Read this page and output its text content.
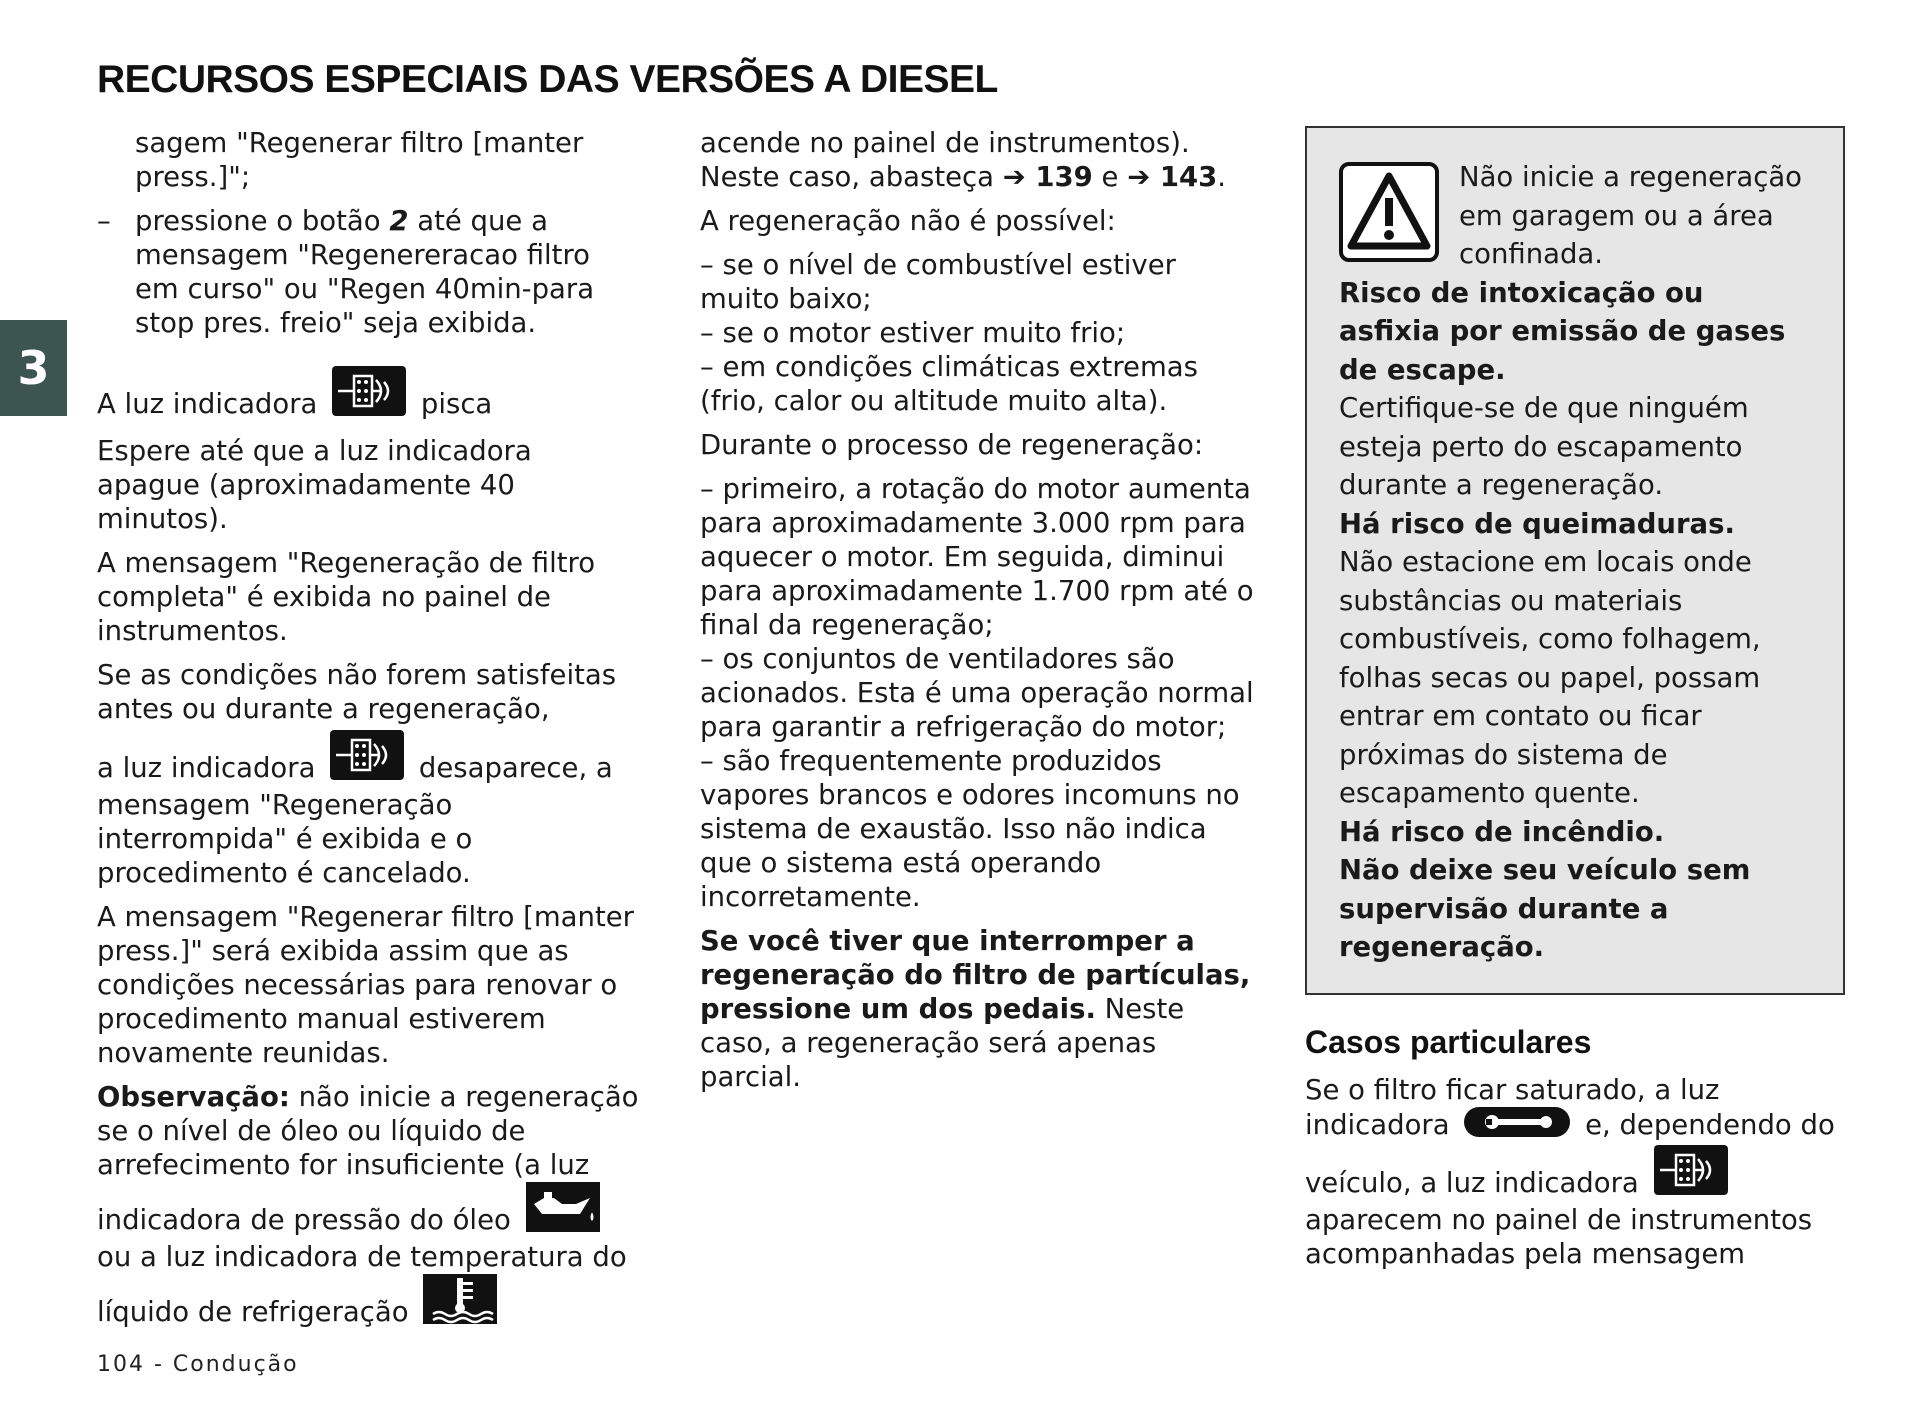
RECURSOS ESPECIAIS DAS VERSÕES A DIESEL
3
sagem "Regenerar filtro [manter press.]";
– pressione o botão 2 até que a mensagem "Regenereracao filtro em curso" ou "Regen 40min-para stop pres. freio" seja exibida.

A luz indicadora	pisca

Espere até que a luz indicadora apague (aproximadamente 40 minutos).

A mensagem "Regeneração de filtro completa" é exibida no painel de instrumentos.

Se as condições não forem satisfeitas antes ou durante a regeneração,

a luz indicadora	desaparece, a mensagem "Regeneração interrompida" é exibida e o procedimento é cancelado.

A mensagem "Regenerar filtro [manter press.]" será exibida assim que as condições necessárias para renovar o procedimento manual estiverem novamente reunidas.

Observação: não inicie a regeneração se o nível de óleo ou líquido de arrefecimento for insuficiente (a luz indicadora de pressão do óleo  ou a luz indicadora de temperatura do líquido de refrigeração

acende no painel de instrumentos). Neste caso, abasteça ➔ 139 e ➔ 143.

A regeneração não é possível:

– se o nível de combustível estiver muito baixo;
– se o motor estiver muito frio;

– em condições climáticas extremas (frio, calor ou altitude muito alta).

Durante o processo de regeneração:

– primeiro, a rotação do motor aumenta para aproximadamente 3.000 rpm para aquecer o motor. Em seguida, diminui para aproximadamente 1.700 rpm até o final da regeneração;
– os conjuntos de ventiladores são acionados. Esta é uma operação normal para garantir a refrigeração do motor;

– são frequentemente produzidos vapores brancos e odores incomuns no sistema de exaustão. Isso não indica que o sistema está operando incorretamente.

Se você tiver que interromper a regeneração do filtro de partículas, pressione um dos pedais. Neste caso, a regeneração será apenas parcial.

Não inicie a regeneração em garagem ou a área confinada.

Risco de intoxicação ou asfixia por emissão de gases de escape.

Certifique-se de que ninguém esteja perto do escapamento durante a regeneração.

Há risco de queimaduras.

Não estacione em locais onde substâncias ou materiais combustíveis, como folhagem, folhas secas ou papel, possam entrar em contato ou ficar próximas do sistema de escapamento quente.

Há risco de incêndio.

Não deixe seu veículo sem supervisão durante a regeneração.

Casos particulares

Se o filtro ficar saturado, a luz indicadora	e, dependendo do veículo, a luz indicadora  aparecem no painel de instrumentos acompanhadas pela mensagem

104 - Condução
